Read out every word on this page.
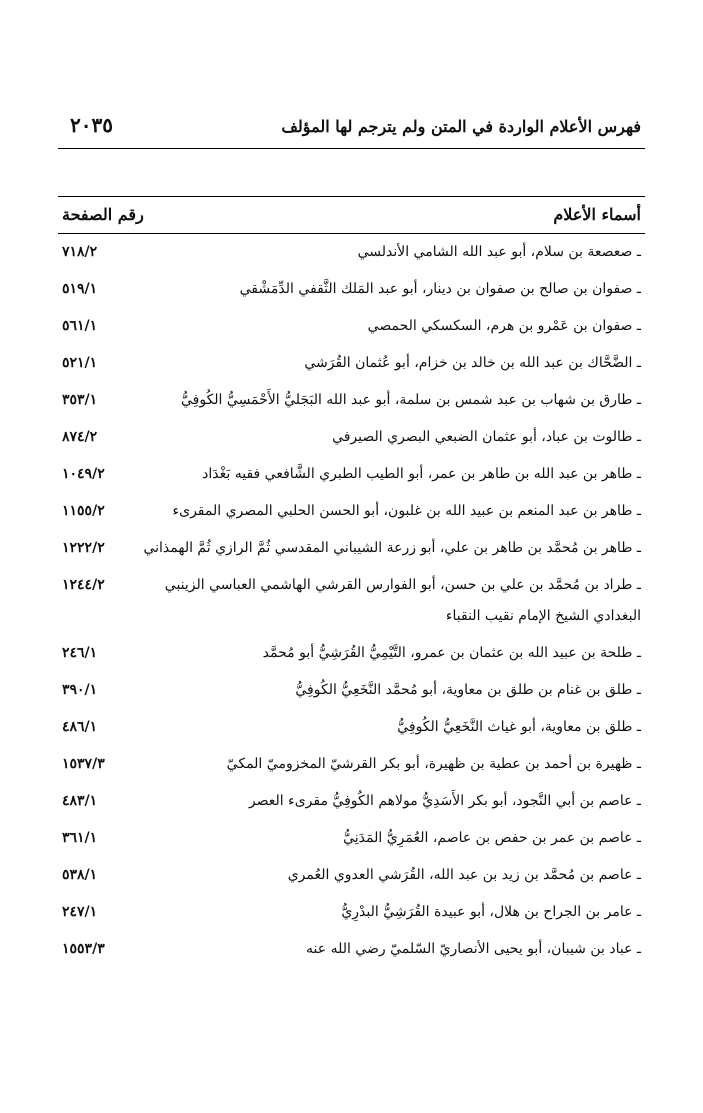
فهرس الأعلام الواردة في المتن ولم يترجم لها المؤلف
٢٠٣٥
أسماء الأعلام
رقم الصفحة
ـ صعصعة بن سلام، أبو عبد الله الشامي الأندلسي
٧١٨/٢
ـ صفوان بن صالح بن صفوان بن دينار، أبو عبد المَلك الثَّقفي الدِّمَشْقي
٥١٩/١
ـ صفوان بن عَمْرو بن هرم، السكسكي الحمصي
٥٦١/١
ـ الضَّحَّاك بن عبد الله بن خالد بن خزام، أبو عُثمان القُرَشي
٥٢١/١
ـ طارق بن شهاب بن عبد شمس بن سلمة، أبو عبد الله البَجَليُّ الأَحْمَسِيُّ الكُوفِيُّ
٣٥٣/١
ـ طالوت بن عباد، أبو عثمان الضبعي البصري الصيرفي
٨٧٤/٢
ـ طاهر بن عبد الله بن طاهر بن عمر، أبو الطيب الطبري الشَّافعي فقيه بَغْدَاد
١٠٤٩/٢
ـ طاهر بن عبد المنعم بن عبيد الله بن غلبون، أبو الحسن الحلبي المصري المقرىء
١١٥٥/٢
ـ طاهر بن مُحمَّد بن طاهر بن علي، أبو زرعة الشيباني المقدسي ثُمَّ الرازي ثُمَّ الهمذاني
١٢٢٢/٢
ـ طراد بن مُحمَّد بن علي بن حسن، أبو الفوارس القرشي الهاشمي العباسي الزينبي البغدادي الشيخ الإمام نقيب النقباء
١٢٤٤/٢
ـ طلحة بن عبيد الله بن عثمان بن عمرو، التَّيْمِيُّ القُرَشِيُّ أبو مُحمَّد
٢٤٦/١
ـ طلق بن غنام بن طلق بن معاوية، أبو مُحمَّد النَّخَعِيُّ الكُوفِيُّ
٣٩٠/١
ـ طلق بن معاوية، أبو غياث النَّخَعِيُّ الكُوفِيُّ
٤٨٦/١
ـ ظهيرة بن أحمد بن عطية بن ظهيرة، أبو بكر القرشيّ المخزوميّ المكيّ
١٥٣٧/٣
ـ عاصم بن أبي النَّجود، أبو بكر الأَسَدِيُّ مولاهم الكُوفِيُّ مقرىء العصر
٤٨٣/١
ـ عاصم بن عمر بن حفص بن عاصم، العُمَرِيُّ المَدَنِيُّ
٣٦١/١
ـ عاصم بن مُحمَّد بن زيد بن عبد الله، القُرَشي العدوي العُمري
٥٣٨/١
ـ عامر بن الجراح بن هلال، أبو عبيدة القُرَشِيُّ البدْرِيُّ
٢٤٧/١
ـ عباد بن شيبان، أبو يحيى الأنصاريّ السّلميّ رضي الله عنه
١٥٥٣/٣
